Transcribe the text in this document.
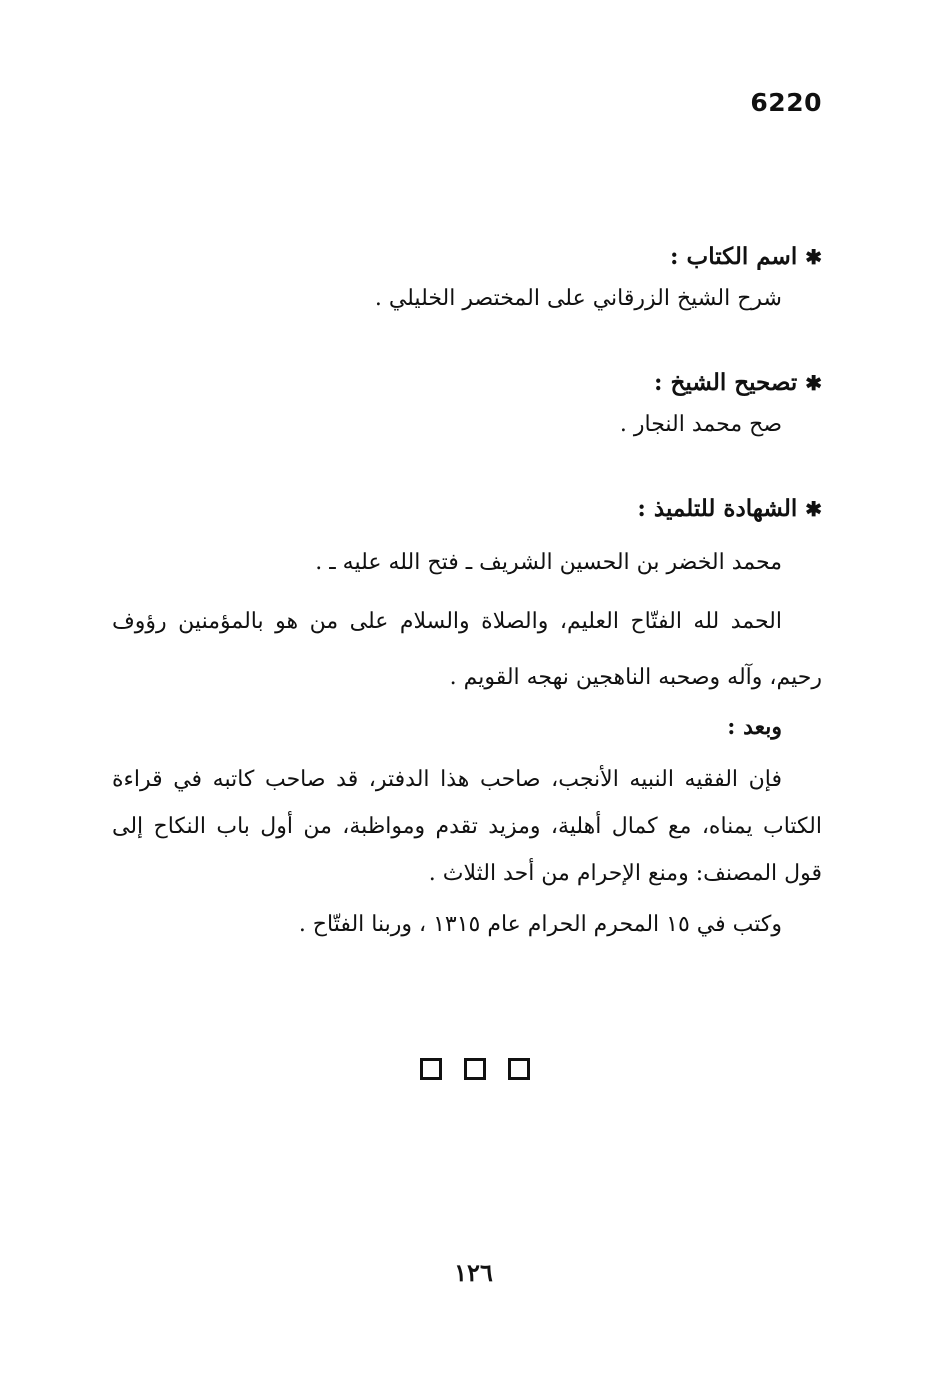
6220

✱اسم الكتاب :

شرح الشيخ الزرقاني على المختصر الخليلي .

✱تصحيح الشيخ :

صح محمد النجار .

✱الشهادة للتلميذ :

محمد الخضر بن الحسين الشريف ـ فتح الله عليه ـ .

الحمد لله الفتّاح العليم، والصلاة والسلام على من هو بالمؤمنين رؤوف رحيم، وآله وصحبه الناهجين نهجه القويم .

وبعد :

فإن الفقيه النبيه الأنجب، صاحب هذا الدفتر، قد صاحب كاتبه في قراءة الكتاب يمناه، مع كمال أهلية، ومزيد تقدم ومواظبة، من أول باب النكاح إلى قول المصنف: ومنع الإحرام من أحد الثلاث .

وكتب في ١٥ المحرم الحرام عام ١٣١٥ ، وربنا الفتّاح .

١٢٦
